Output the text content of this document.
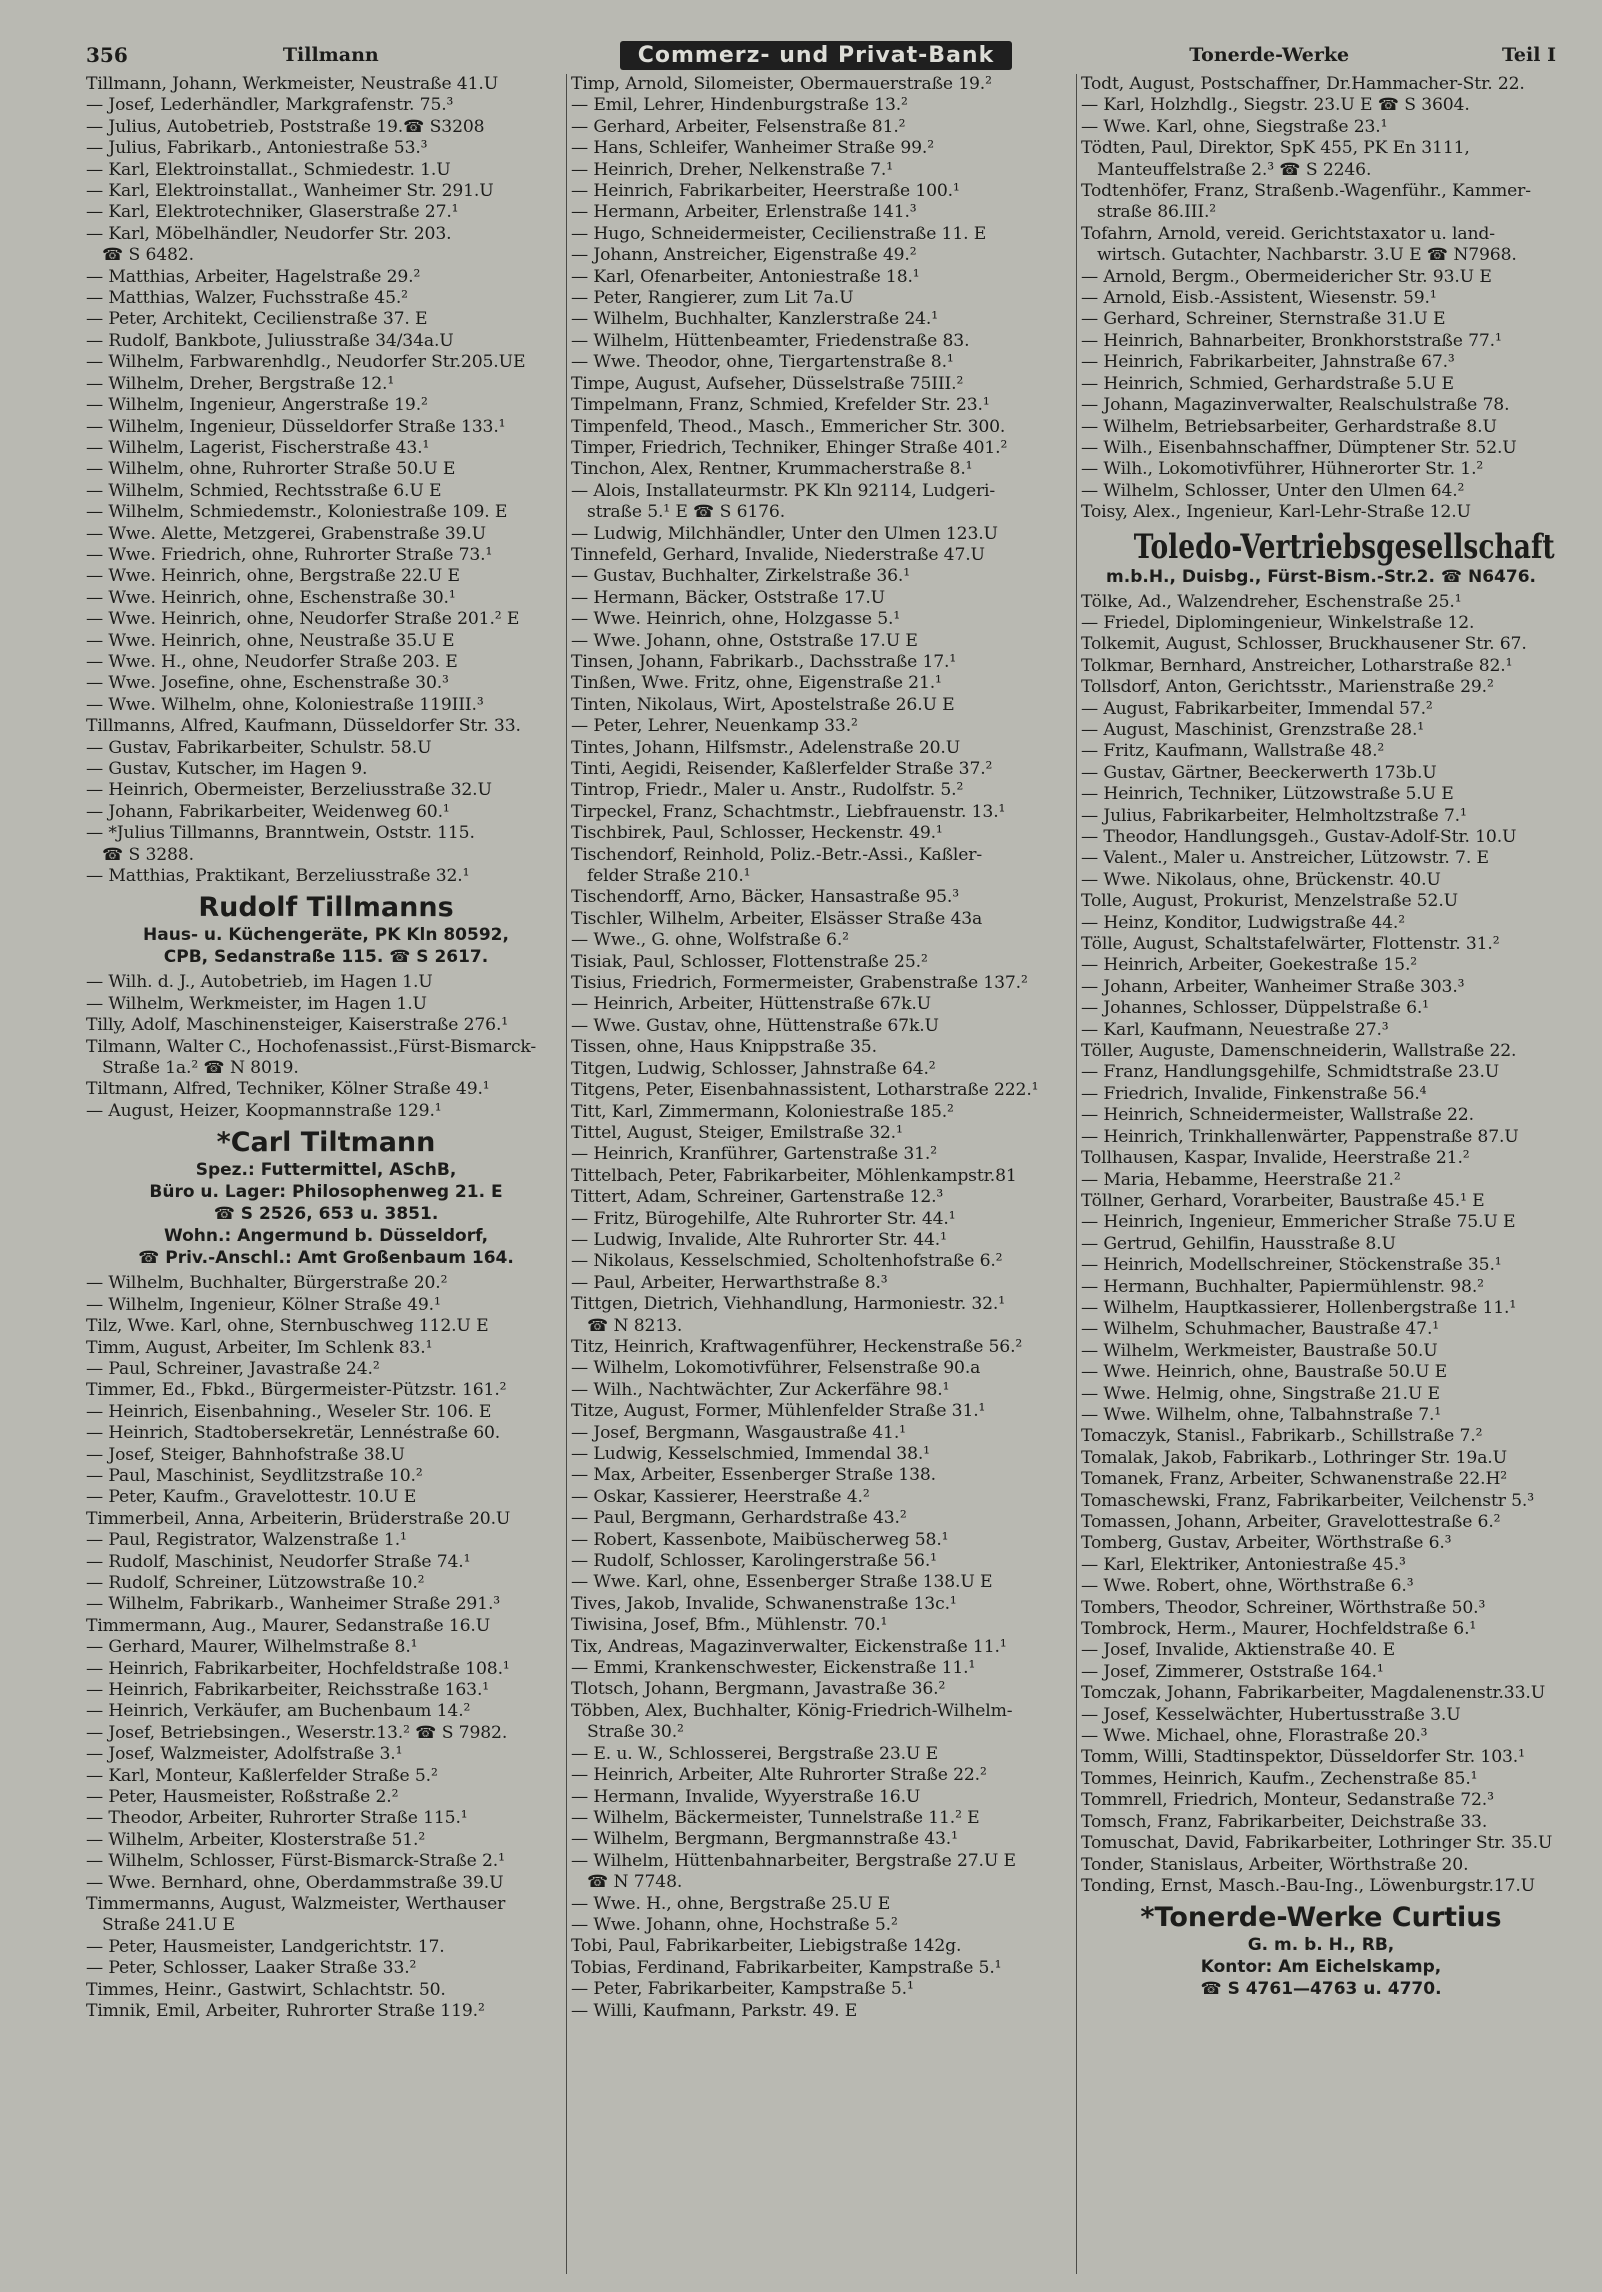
356	Tillmann	Commerz- und Privat-Bank	Tonerde-Werke	Teil I
Tillmann, Johann, Werkmeister, Neustraße 41.U
— Josef, Lederhändler, Markgrafenstr. 75.³
— Julius, Autobetrieb, Poststraße 19.☎ S3208
— Julius, Fabrikarb., Antoniestraße 53.³
— Karl, Elektroinstallat., Schmiedestr. 1.U
— Karl, Elektroinstallat., Wanheimer Str. 291.U
— Karl, Elektrotechniker, Glaserstraße 27.¹
— Karl, Möbelhändler, Neudorfer Str. 203.
☎ S 6482.
— Matthias, Arbeiter, Hagelstraße 29.²
— Matthias, Walzer, Fuchsstraße 45.²
— Peter, Architekt, Cecilienstraße 37. E
— Rudolf, Bankbote, Juliusstraße 34/34a.U
— Wilhelm, Farbwarenhdlg., Neudorfer Str.205.UE
— Wilhelm, Dreher, Bergstraße 12.¹
— Wilhelm, Ingenieur, Angerstraße 19.²
— Wilhelm, Ingenieur, Düsseldorfer Straße 133.¹
— Wilhelm, Lagerist, Fischerstraße 43.¹
— Wilhelm, ohne, Ruhrorter Straße 50.U E
— Wilhelm, Schmied, Rechtsstraße 6.U E
— Wilhelm, Schmiedemstr., Koloniestraße 109. E
— Wwe. Alette, Metzgerei, Grabenstraße 39.U
— Wwe. Friedrich, ohne, Ruhrorter Straße 73.¹
— Wwe. Heinrich, ohne, Bergstraße 22.U E
— Wwe. Heinrich, ohne, Eschenstraße 30.¹
— Wwe. Heinrich, ohne, Neudorfer Straße 201.² E
— Wwe. Heinrich, ohne, Neustraße 35.U E
— Wwe. H., ohne, Neudorfer Straße 203. E
— Wwe. Josefine, ohne, Eschenstraße 30.³
— Wwe. Wilhelm, ohne, Koloniestraße 119III.³
Tillmanns, Alfred, Kaufmann, Düsseldorfer Str. 33.
— Gustav, Fabrikarbeiter, Schulstr. 58.U
— Gustav, Kutscher, im Hagen 9.
— Heinrich, Obermeister, Berzeliusstraße 32.U
— Johann, Fabrikarbeiter, Weidenweg 60.¹
— *Julius Tillmanns, Branntwein, Oststr. 115.
☎ S 3288.
— Matthias, Praktikant, Berzeliusstraße 32.¹
Rudolf Tillmanns
Haus- u. Küchengeräte, PK Kln 80592,
CPB, Sedanstraße 115. ☎ S 2617.
— Wilh. d. J., Autobetrieb, im Hagen 1.U
— Wilhelm, Werkmeister, im Hagen 1.U
Tilly, Adolf, Maschinensteiger, Kaiserstraße 276.¹
Tilmann, Walter C., Hochofenassist.,Fürst-Bismarck-
Straße 1a.² ☎ N 8019.
Tiltmann, Alfred, Techniker, Kölner Straße 49.¹
— August, Heizer, Koopmannstraße 129.¹
*Carl Tiltmann
Spez.: Futtermittel, ASchB,
Büro u. Lager: Philosophenweg 21. E
☎ S 2526, 653 u. 3851.
Wohn.: Angermund b. Düsseldorf,
☎ Priv.-Anschl.: Amt Großenbaum 164.
— Wilhelm, Buchhalter, Bürgerstraße 20.²
— Wilhelm, Ingenieur, Kölner Straße 49.¹
Tilz, Wwe. Karl, ohne, Sternbuschweg 112.U E
Timm, August, Arbeiter, Im Schlenk 83.¹
— Paul, Schreiner, Javastraße 24.²
Timmer, Ed., Fbkd., Bürgermeister-Pützstr. 161.²
— Heinrich, Eisenbahning., Weseler Str. 106. E
— Heinrich, Stadtobersekretär, Lennéstraße 60.
— Josef, Steiger, Bahnhofstraße 38.U
— Paul, Maschinist, Seydlitzstraße 10.²
— Peter, Kaufm., Gravelottestr. 10.U E
Timmerbeil, Anna, Arbeiterin, Brüderstraße 20.U
— Paul, Registrator, Walzenstraße 1.¹
— Rudolf, Maschinist, Neudorfer Straße 74.¹
— Rudolf, Schreiner, Lützowstraße 10.²
— Wilhelm, Fabrikarb., Wanheimer Straße 291.³
Timmermann, Aug., Maurer, Sedanstraße 16.U
— Gerhard, Maurer, Wilhelmstraße 8.¹
— Heinrich, Fabrikarbeiter, Hochfeldstraße 108.¹
— Heinrich, Fabrikarbeiter, Reichsstraße 163.¹
— Heinrich, Verkäufer, am Buchenbaum 14.²
— Josef, Betriebsingen., Weserstr.13.² ☎ S 7982.
— Josef, Walzmeister, Adolfstraße 3.¹
— Karl, Monteur, Kaßlerfelder Straße 5.²
— Peter, Hausmeister, Roßstraße 2.²
— Theodor, Arbeiter, Ruhrorter Straße 115.¹
— Wilhelm, Arbeiter, Klosterstraße 51.²
— Wilhelm, Schlosser, Fürst-Bismarck-Straße 2.¹
— Wwe. Bernhard, ohne, Oberdammstraße 39.U
Timmermanns, August, Walzmeister, Werthauser
Straße 241.U E
— Peter, Hausmeister, Landgerichtstr. 17.
— Peter, Schlosser, Laaker Straße 33.²
Timmes, Heinr., Gastwirt, Schlachtstr. 50.
Timnik, Emil, Arbeiter, Ruhrorter Straße 119.²
Timp, Arnold, Silomeister, Obermauerstraße 19.²
— Emil, Lehrer, Hindenburgstraße 13.²
— Gerhard, Arbeiter, Felsenstraße 81.²
— Hans, Schleifer, Wanheimer Straße 99.²
— Heinrich, Dreher, Nelkenstraße 7.¹
— Heinrich, Fabrikarbeiter, Heerstraße 100.¹
— Hermann, Arbeiter, Erlenstraße 141.³
— Hugo, Schneidermeister, Cecilienstraße 11. E
— Johann, Anstreicher, Eigenstraße 49.²
— Karl, Ofenarbeiter, Antoniestraße 18.¹
— Peter, Rangierer, zum Lit 7a.U
— Wilhelm, Buchhalter, Kanzlerstraße 24.¹
— Wilhelm, Hüttenbeamter, Friedenstraße 83.
— Wwe. Theodor, ohne, Tiergartenstraße 8.¹
Timpe, August, Aufseher, Düsselstraße 75III.²
Timpelmann, Franz, Schmied, Krefelder Str. 23.¹
Timpenfeld, Theod., Masch., Emmericher Str. 300.
Timper, Friedrich, Techniker, Ehinger Straße 401.²
Tinchon, Alex, Rentner, Krummacherstraße 8.¹
— Alois, Installateurmstr. PK Kln 92114, Ludgeri-
straße 5.¹ E ☎ S 6176.
— Ludwig, Milchhändler, Unter den Ulmen 123.U
Tinnefeld, Gerhard, Invalide, Niederstraße 47.U
— Gustav, Buchhalter, Zirkelstraße 36.¹
— Hermann, Bäcker, Oststraße 17.U
— Wwe. Heinrich, ohne, Holzgasse 5.¹
— Wwe. Johann, ohne, Oststraße 17.U E
Tinsen, Johann, Fabrikarb., Dachsstraße 17.¹
Tinßen, Wwe. Fritz, ohne, Eigenstraße 21.¹
Tinten, Nikolaus, Wirt, Apostelstraße 26.U E
— Peter, Lehrer, Neuenkamp 33.²
Tintes, Johann, Hilfsmstr., Adelenstraße 20.U
Tinti, Aegidi, Reisender, Kaßlerfelder Straße 37.²
Tintrop, Friedr., Maler u. Anstr., Rudolfstr. 5.²
Tirpeckel, Franz, Schachtmstr., Liebfrauenstr. 13.¹
Tischbirek, Paul, Schlosser, Heckenstr. 49.¹
Tischendorf, Reinhold, Poliz.-Betr.-Assi., Kaßler-
felder Straße 210.¹
Tischendorff, Arno, Bäcker, Hansastraße 95.³
Tischler, Wilhelm, Arbeiter, Elsässer Straße 43a
— Wwe., G. ohne, Wolfstraße 6.²
Tisiak, Paul, Schlosser, Flottenstraße 25.²
Tisius, Friedrich, Formermeister, Grabenstraße 137.²
— Heinrich, Arbeiter, Hüttenstraße 67k.U
— Wwe. Gustav, ohne, Hüttenstraße 67k.U
Tissen, ohne, Haus Knippstraße 35.
Titgen, Ludwig, Schlosser, Jahnstraße 64.²
Titgens, Peter, Eisenbahnassistent, Lotharstraße 222.¹
Titt, Karl, Zimmermann, Koloniestraße 185.²
Tittel, August, Steiger, Emilstraße 32.¹
— Heinrich, Kranführer, Gartenstraße 31.²
Tittelbach, Peter, Fabrikarbeiter, Möhlenkampstr.81
Tittert, Adam, Schreiner, Gartenstraße 12.³
— Fritz, Bürogehilfe, Alte Ruhrorter Str. 44.¹
— Ludwig, Invalide, Alte Ruhrorter Str. 44.¹
— Nikolaus, Kesselschmied, Scholtenhofstraße 6.²
— Paul, Arbeiter, Herwarthstraße 8.³
Tittgen, Dietrich, Viehhandlung, Harmoniestr. 32.¹
☎ N 8213.
Titz, Heinrich, Kraftwagenführer, Heckenstraße 56.²
— Wilhelm, Lokomotivführer, Felsenstraße 90.a
— Wilh., Nachtwächter, Zur Ackerfähre 98.¹
Titze, August, Former, Mühlenfelder Straße 31.¹
— Josef, Bergmann, Wasgaustraße 41.¹
— Ludwig, Kesselschmied, Immendal 38.¹
— Max, Arbeiter, Essenberger Straße 138.
— Oskar, Kassierer, Heerstraße 4.²
— Paul, Bergmann, Gerhardstraße 43.²
— Robert, Kassenbote, Maibüscherweg 58.¹
— Rudolf, Schlosser, Karolingerstraße 56.¹
— Wwe. Karl, ohne, Essenberger Straße 138.U E
Tives, Jakob, Invalide, Schwanenstraße 13c.¹
Tiwisina, Josef, Bfm., Mühlenstr. 70.¹
Tix, Andreas, Magazinverwalter, Eickenstraße 11.¹
— Emmi, Krankenschwester, Eickenstraße 11.¹
Tlotsch, Johann, Bergmann, Javastraße 36.²
Többen, Alex, Buchhalter, König-Friedrich-Wilhelm-
Straße 30.²
— E. u. W., Schlosserei, Bergstraße 23.U E
— Heinrich, Arbeiter, Alte Ruhrorter Straße 22.²
— Hermann, Invalide, Wyyerstraße 16.U
— Wilhelm, Bäckermeister, Tunnelstraße 11.² E
— Wilhelm, Bergmann, Bergmannstraße 43.¹
— Wilhelm, Hüttenbahnarbeiter, Bergstraße 27.U E
☎ N 7748.
— Wwe. H., ohne, Bergstraße 25.U E
— Wwe. Johann, ohne, Hochstraße 5.²
Tobi, Paul, Fabrikarbeiter, Liebigstraße 142g.
Tobias, Ferdinand, Fabrikarbeiter, Kampstraße 5.¹
— Peter, Fabrikarbeiter, Kampstraße 5.¹
— Willi, Kaufmann, Parkstr. 49. E
Todt, August, Postschaffner, Dr.Hammacher-Str. 22.
— Karl, Holzhdlg., Siegstr. 23.U E ☎ S 3604.
— Wwe. Karl, ohne, Siegstraße 23.¹
Tödten, Paul, Direktor, SpK 455, PK En 3111,
Manteuffelstraße 2.³ ☎ S 2246.
Todtenhöfer, Franz, Straßenb.-Wagenführ., Kammer-
straße 86.III.²
Tofahrn, Arnold, vereid. Gerichtstaxator u. land-
wirtsch. Gutachter, Nachbarstr. 3.U E ☎ N7968.
— Arnold, Bergm., Obermeidericher Str. 93.U E
— Arnold, Eisb.-Assistent, Wiesenstr. 59.¹
— Gerhard, Schreiner, Sternstraße 31.U E
— Heinrich, Bahnarbeiter, Bronkhorststraße 77.¹
— Heinrich, Fabrikarbeiter, Jahnstraße 67.³
— Heinrich, Schmied, Gerhardstraße 5.U E
— Johann, Magazinverwalter, Realschulstraße 78.
— Wilhelm, Betriebsarbeiter, Gerhardstraße 8.U
— Wilh., Eisenbahnschaffner, Dümptener Str. 52.U
— Wilh., Lokomotivführer, Hühnerorter Str. 1.²
— Wilhelm, Schlosser, Unter den Ulmen 64.²
Toisy, Alex., Ingenieur, Karl-Lehr-Straße 12.U
Toledo-Vertriebsgesellschaft
m.b.H., Duisbg., Fürst-Bism.-Str.2. ☎ N6476.
Tölke, Ad., Walzendreher, Eschenstraße 25.¹
— Friedel, Diplomingenieur, Winkelstraße 12.
Tolkemit, August, Schlosser, Bruckhausener Str. 67.
Tolkmar, Bernhard, Anstreicher, Lotharstraße 82.¹
Tollsdorf, Anton, Gerichtsstr., Marienstraße 29.²
— August, Fabrikarbeiter, Immendal 57.²
— August, Maschinist, Grenzstraße 28.¹
— Fritz, Kaufmann, Wallstraße 48.²
— Gustav, Gärtner, Beeckerwerth 173b.U
— Heinrich, Techniker, Lützowstraße 5.U E
— Julius, Fabrikarbeiter, Helmholtzstraße 7.¹
— Theodor, Handlungsgeh., Gustav-Adolf-Str. 10.U
— Valent., Maler u. Anstreicher, Lützowstr. 7. E
— Wwe. Nikolaus, ohne, Brückenstr. 40.U
Tolle, August, Prokurist, Menzelstraße 52.U
— Heinz, Konditor, Ludwigstraße 44.²
Tölle, August, Schaltstafelwärter, Flottenstr. 31.²
— Heinrich, Arbeiter, Goekestraße 15.²
— Johann, Arbeiter, Wanheimer Straße 303.³
— Johannes, Schlosser, Düppelstraße 6.¹
— Karl, Kaufmann, Neuestraße 27.³
Töller, Auguste, Damenschneiderin, Wallstraße 22.
— Franz, Handlungsgehilfe, Schmidtstraße 23.U
— Friedrich, Invalide, Finkenstraße 56.⁴
— Heinrich, Schneidermeister, Wallstraße 22.
— Heinrich, Trinkhallenwärter, Pappenstraße 87.U
Tollhausen, Kaspar, Invalide, Heerstraße 21.²
— Maria, Hebamme, Heerstraße 21.²
Töllner, Gerhard, Vorarbeiter, Baustraße 45.¹ E
— Heinrich, Ingenieur, Emmericher Straße 75.U E
— Gertrud, Gehilfin, Hausstraße 8.U
— Heinrich, Modellschreiner, Stöckenstraße 35.¹
— Hermann, Buchhalter, Papiermühlenstr. 98.²
— Wilhelm, Hauptkassierer, Hollenbergstraße 11.¹
— Wilhelm, Schuhmacher, Baustraße 47.¹
— Wilhelm, Werkmeister, Baustraße 50.U
— Wwe. Heinrich, ohne, Baustraße 50.U E
— Wwe. Helmig, ohne, Singstraße 21.U E
— Wwe. Wilhelm, ohne, Talbahnstraße 7.¹
Tomaczyk, Stanisl., Fabrikarb., Schillstraße 7.²
Tomalak, Jakob, Fabrikarb., Lothringer Str. 19a.U
Tomanek, Franz, Arbeiter, Schwanenstraße 22.H²
Tomaschewski, Franz, Fabrikarbeiter, Veilchenstr 5.³
Tomassen, Johann, Arbeiter, Gravelottestraße 6.²
Tomberg, Gustav, Arbeiter, Wörthstraße 6.³
— Karl, Elektriker, Antoniestraße 45.³
— Wwe. Robert, ohne, Wörthstraße 6.³
Tombers, Theodor, Schreiner, Wörthstraße 50.³
Tombrock, Herm., Maurer, Hochfeldstraße 6.¹
— Josef, Invalide, Aktienstraße 40. E
— Josef, Zimmerer, Oststraße 164.¹
Tomczak, Johann, Fabrikarbeiter, Magdalenenstr.33.U
— Josef, Kesselwächter, Hubertusstraße 3.U
— Wwe. Michael, ohne, Florastraße 20.³
Tomm, Willi, Stadtinspektor, Düsseldorfer Str. 103.¹
Tommes, Heinrich, Kaufm., Zechenstraße 85.¹
Tommrell, Friedrich, Monteur, Sedanstraße 72.³
Tomsch, Franz, Fabrikarbeiter, Deichstraße 33.
Tomuschat, David, Fabrikarbeiter, Lothringer Str. 35.U
Tonder, Stanislaus, Arbeiter, Wörthstraße 20.
Tonding, Ernst, Masch.-Bau-Ing., Löwenburgstr.17.U
*Tonerde-Werke Curtius
G. m. b. H., RB,
Kontor: Am Eichelskamp,
☎ S 4761—4763 u. 4770.
